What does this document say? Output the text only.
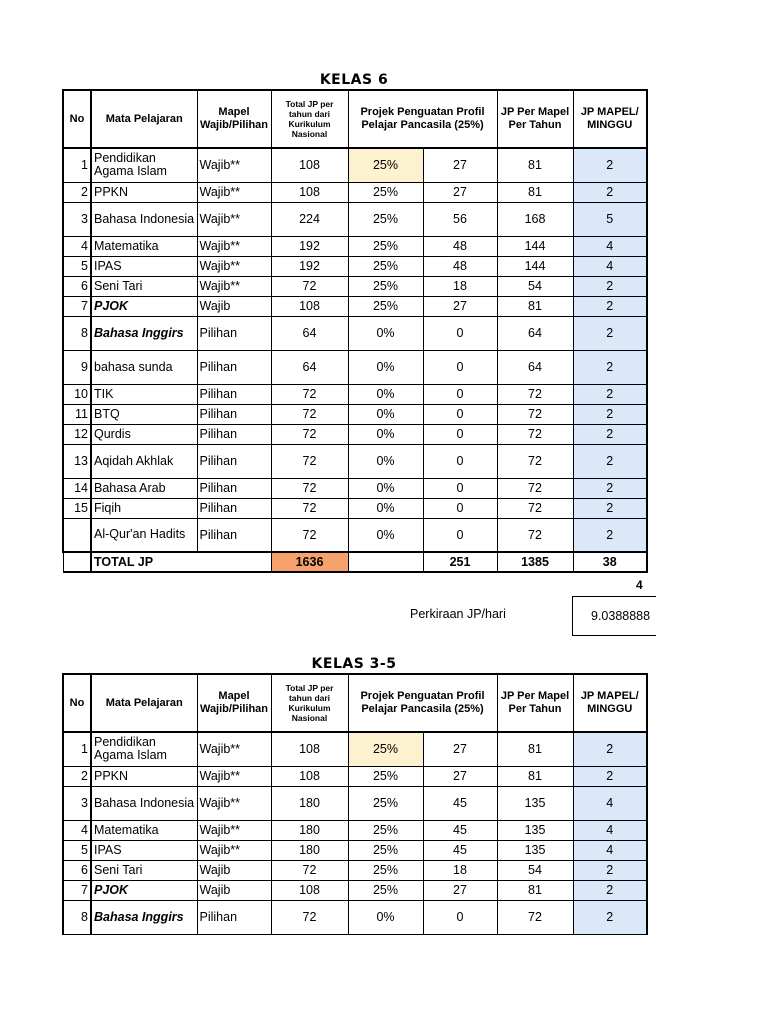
KELAS 6
No	Mata Pelajaran	Mapel Wajib/Pilihan	Total JP per tahun dari Kurikulum Nasional	Projek Penguatan Profil Pelajar Pancasila (25%)		JP Per Mapel Per Tahun	JP MAPEL/ MINGGU
1	Pendidikan Agama Islam	Wajib**	108	25%	27	81	2
2	PPKN	Wajib**	108	25%	27	81	2
3	Bahasa Indonesia	Wajib**	224	25%	56	168	5
4	Matematika	Wajib**	192	25%	48	144	4
5	IPAS	Wajib**	192	25%	48	144	4
6	Seni Tari	Wajib**	72	25%	18	54	2
7	PJOK	Wajib	108	25%	27	81	2
8	Bahasa Inggirs	Pilihan	64	0%	0	64	2
9	bahasa sunda	Pilihan	64	0%	0	64	2
10	TIK	Pilihan	72	0%	0	72	2
11	BTQ	Pilihan	72	0%	0	72	2
12	Qurdis	Pilihan	72	0%	0	72	2
13	Aqidah Akhlak	Pilihan	72	0%	0	72	2
14	Bahasa Arab	Pilihan	72	0%	0	72	2
15	Fiqih	Pilihan	72	0%	0	72	2
	Al-Qur'an Hadits	Pilihan	72	0%	0	72	2
	TOTAL JP		1636		251	1385	38
4
Perkiraan JP/hari	9.0388888
KELAS 3-5
No	Mata Pelajaran	Mapel Wajib/Pilihan	Total JP per tahun dari Kurikulum Nasional	Projek Penguatan Profil Pelajar Pancasila (25%)		JP Per Mapel Per Tahun	JP MAPEL/ MINGGU
1	Pendidikan Agama Islam	Wajib**	108	25%	27	81	2
2	PPKN	Wajib**	108	25%	27	81	2
3	Bahasa Indonesia	Wajib**	180	25%	45	135	4
4	Matematika	Wajib**	180	25%	45	135	4
5	IPAS	Wajib**	180	25%	45	135	4
6	Seni Tari	Wajib	72	25%	18	54	2
7	PJOK	Wajib	108	25%	27	81	2
8	Bahasa Inggirs	Pilihan	72	0%	0	72	2
